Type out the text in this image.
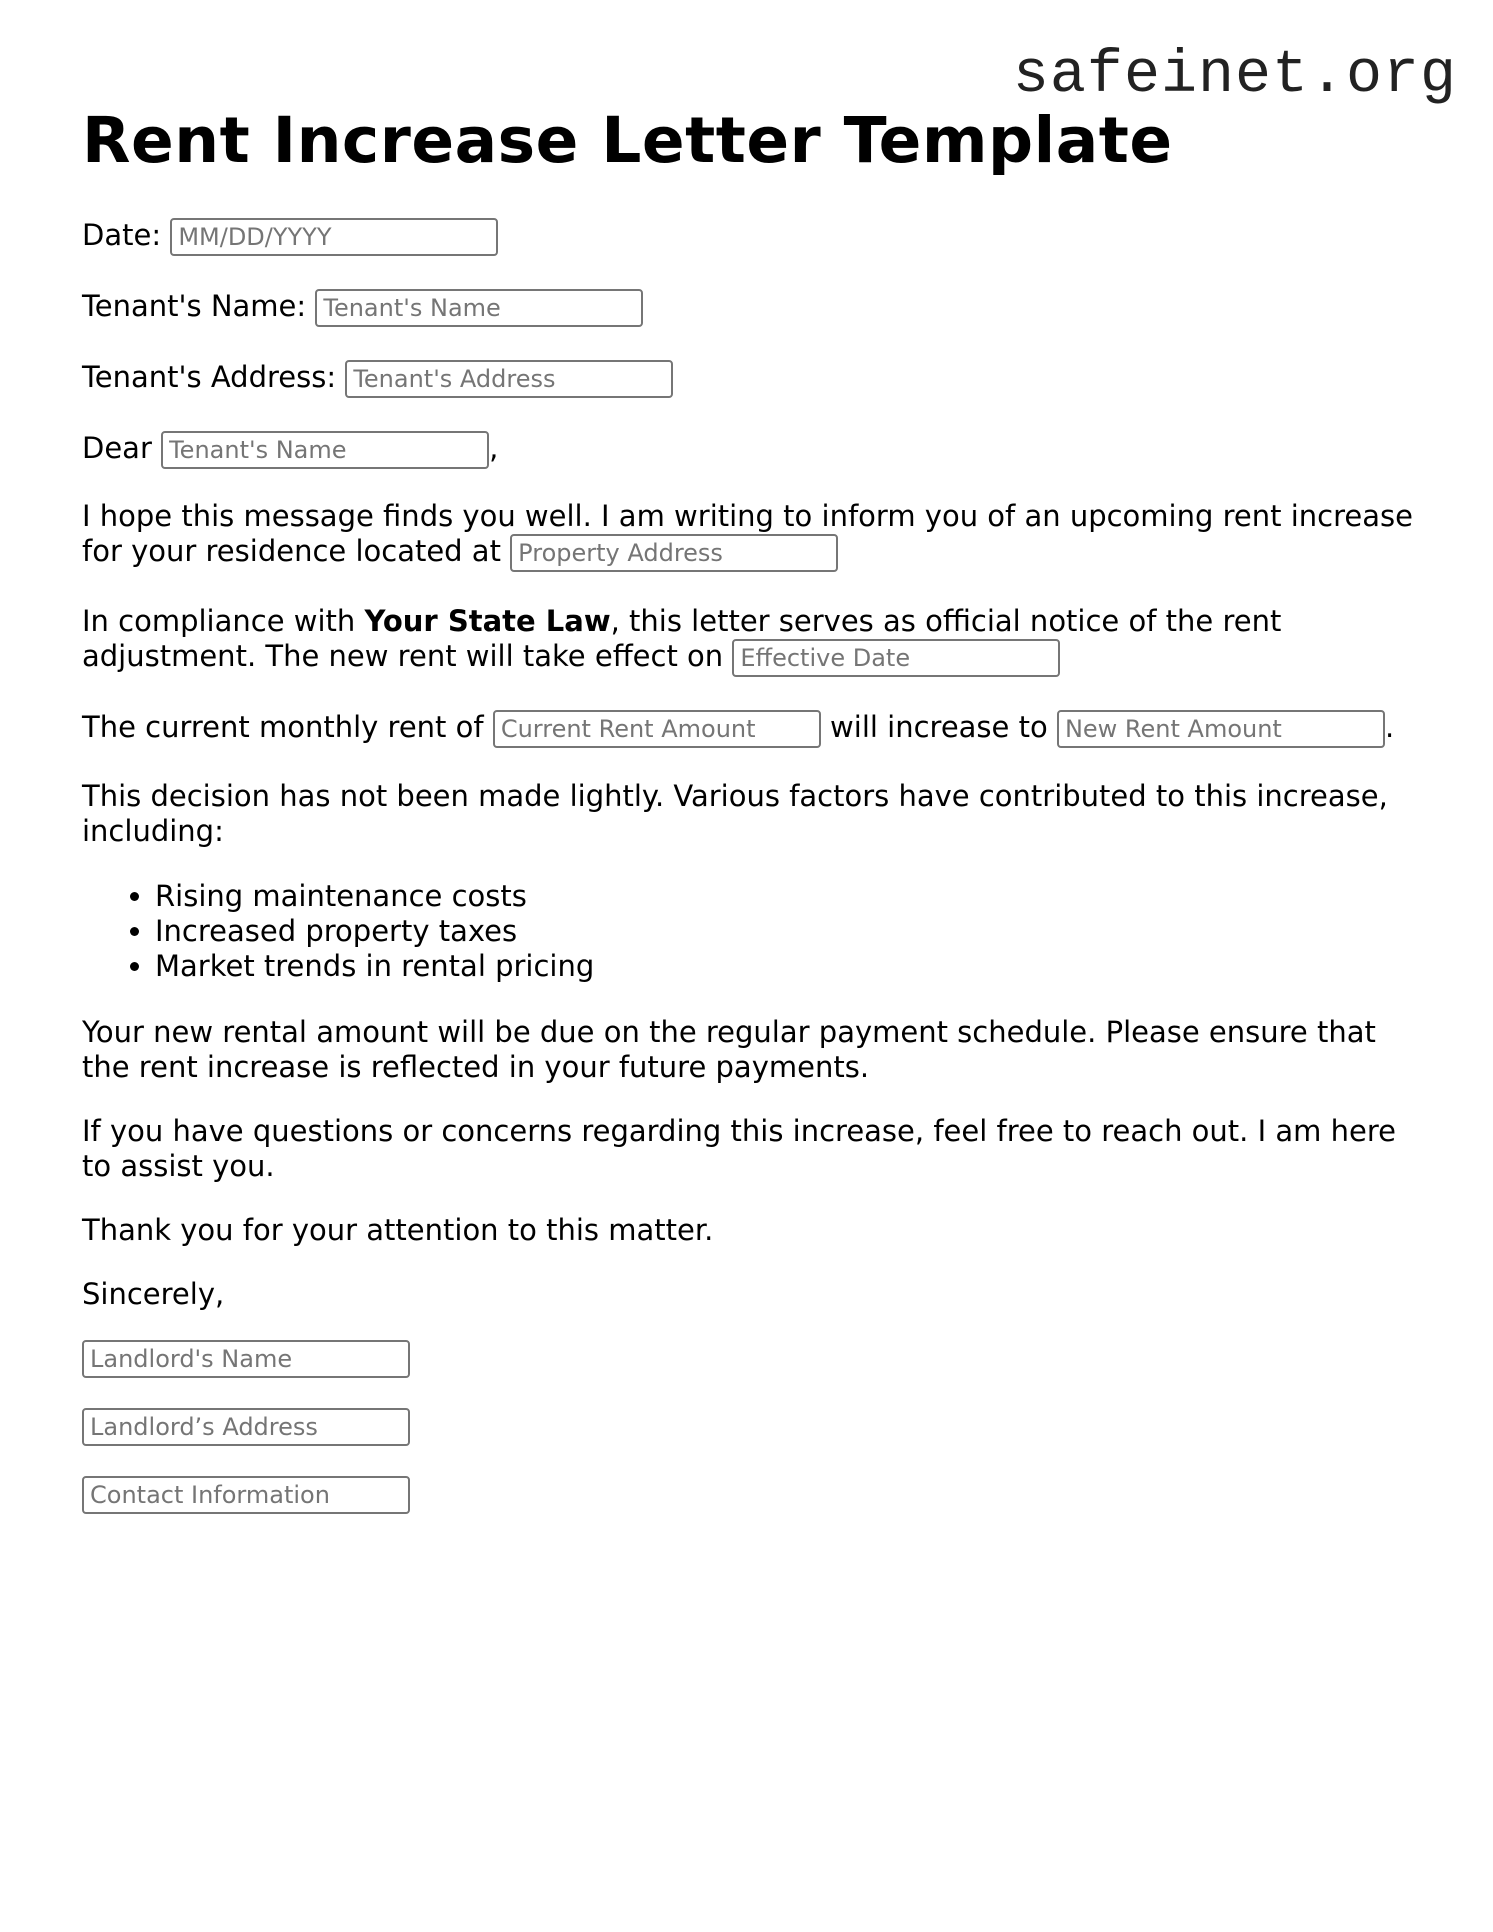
safeinet.org
Rent Increase Letter Template

Date: MM/DD/YYYY

Tenant's Name: Tenant's Name

Tenant's Address: Tenant's Address

Dear Tenant's Name	,

I hope this message finds you well. I am writing to inform you of an upcoming rent increase for your residence located at Property Address

In compliance with Your State Law, this letter serves as official notice of the rent adjustment. The new rent will take effect on Effective Date

The current monthly rent of Current Rent Amount	will increase to New Rent Amount	.

This decision has not been made lightly. Various factors have contributed to this increase, including:

• Rising maintenance costs
• Increased property taxes
• Market trends in rental pricing

Your new rental amount will be due on the regular payment schedule. Please ensure that the rent increase is reflected in your future payments.

If you have questions or concerns regarding this increase, feel free to reach out. I am here to assist you.

Thank you for your attention to this matter.

Sincerely,

Landlord's Name
Landlord’s Address
Contact Information
